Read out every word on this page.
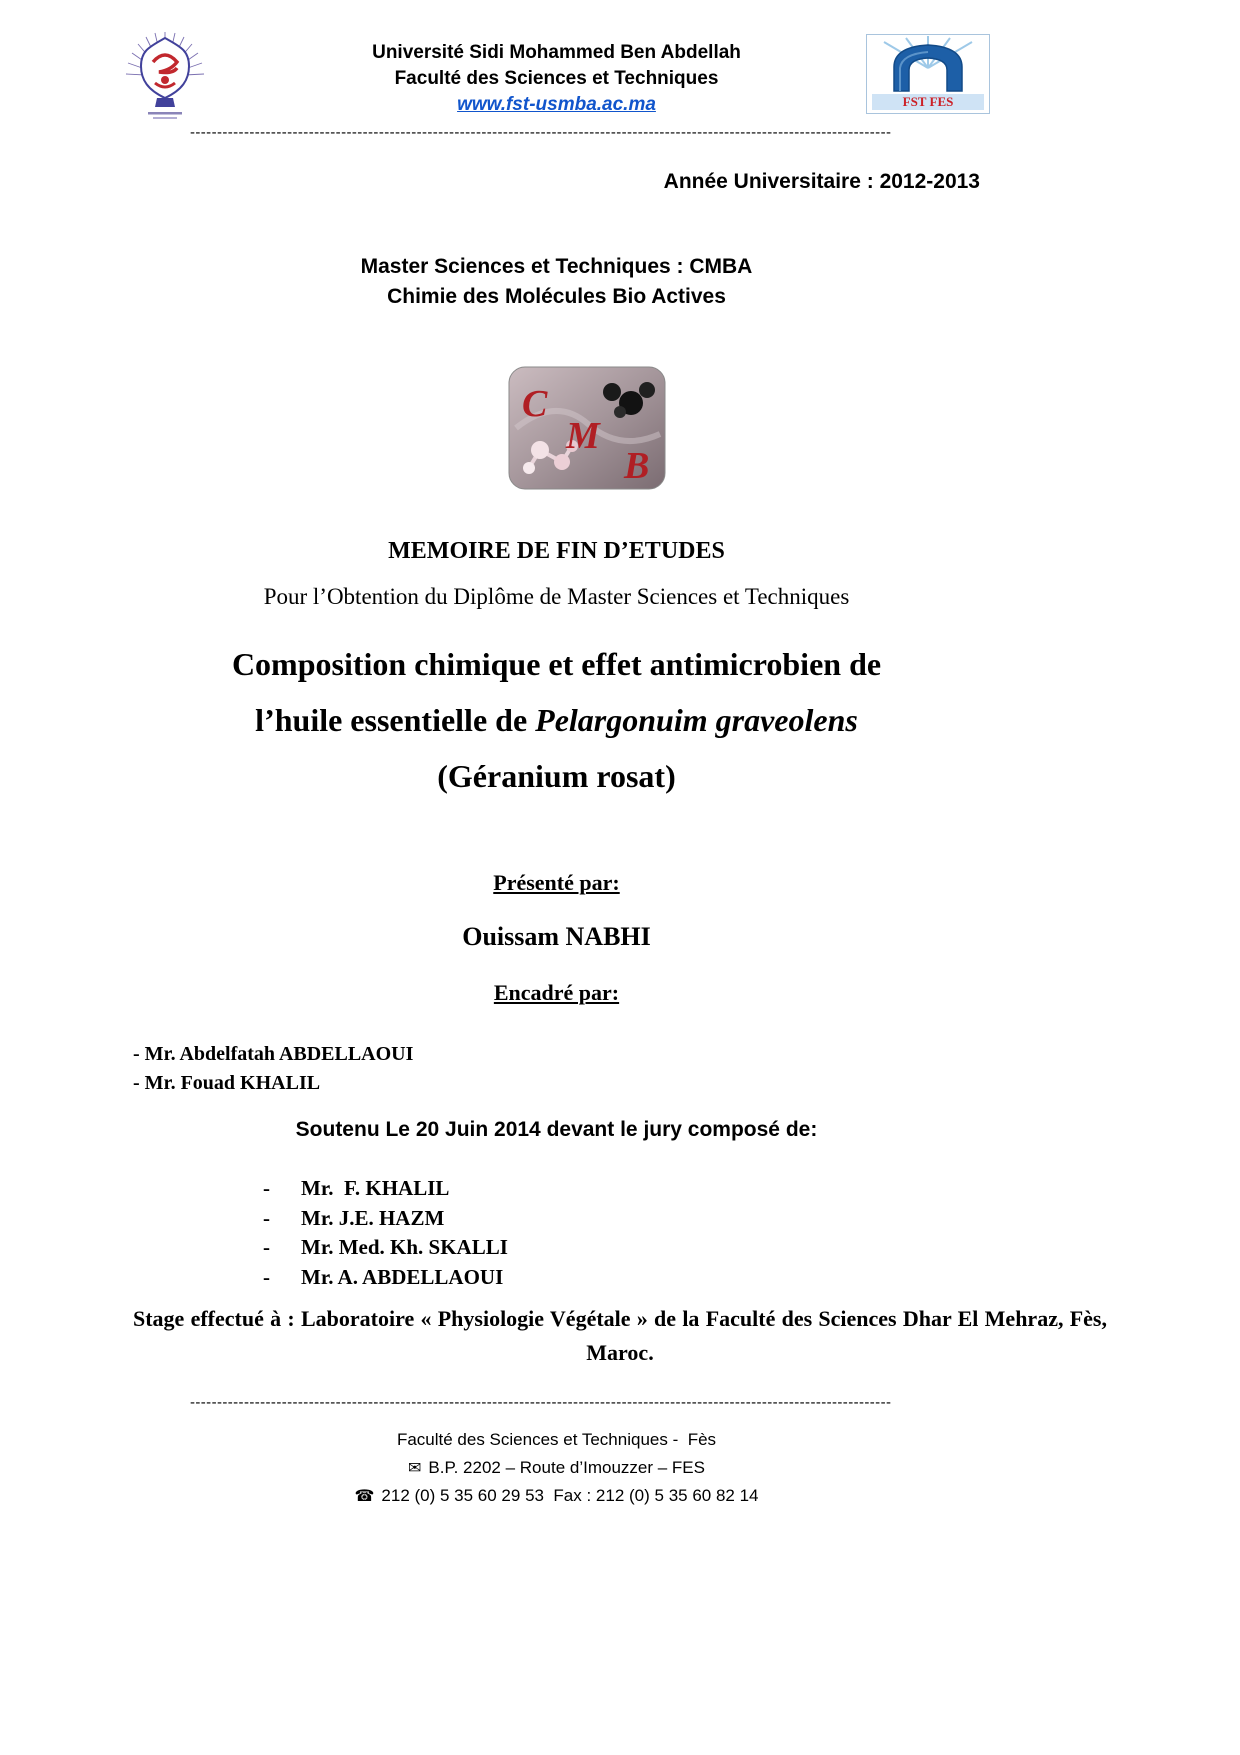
Université Sidi Mohammed Ben Abdellah
Faculté des Sciences et Techniques
www.fst-usmba.ac.ma	FST FES
----------------------------------------------------------------------------------------------------------------------------------
Année Universitaire : 2012-2013
Master Sciences et Techniques : CMBA
Chimie des Molécules Bio Actives
C
M
B
MEMOIRE DE FIN D’ETUDES
Pour l’Obtention du Diplôme de Master Sciences et Techniques
Composition chimique et effet antimicrobien de
l’huile essentielle de Pelargonuim graveolens
(Géranium rosat)
Présenté par:
Ouissam NABHI
Encadré par:
- Mr. Abdelfatah ABDELLAOUI
- Mr. Fouad KHALIL
Soutenu Le 20 Juin 2014 devant le jury composé de:
-	Mr.  F. KHALIL
-	Mr. J.E. HAZM
-	Mr. Med. Kh. SKALLI
-	Mr. A. ABDELLAOUI
Stage effectué à : Laboratoire « Physiologie Végétale » de la Faculté des Sciences Dhar El Mehraz, Fès, Maroc.
----------------------------------------------------------------------------------------------------------------------------------
Faculté des Sciences et Techniques -  Fès
✉ B.P. 2202 – Route d’Imouzzer – FES
☎ 212 (0) 5 35 60 29 53  Fax : 212 (0) 5 35 60 82 14
